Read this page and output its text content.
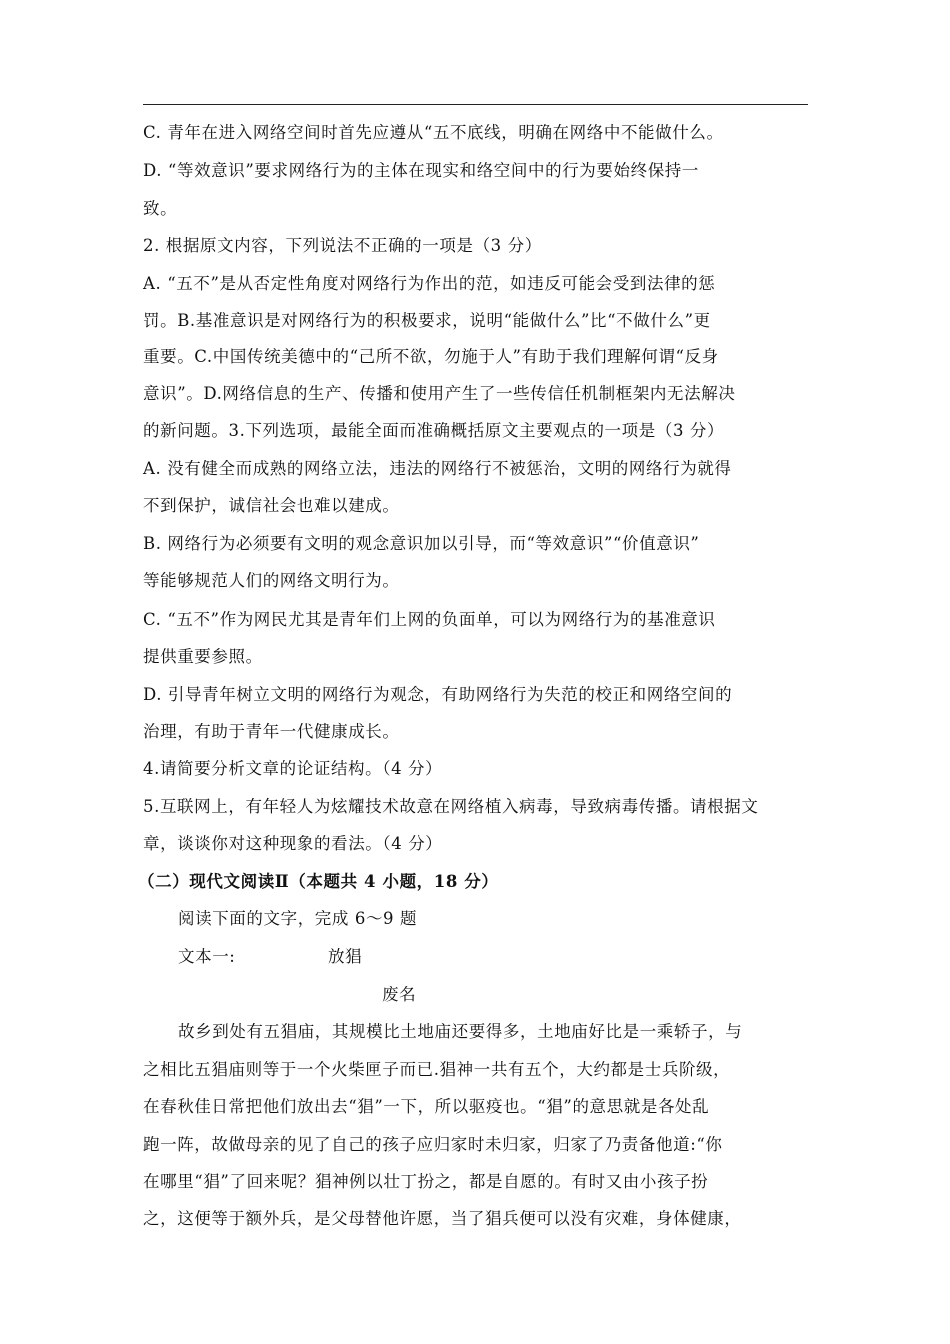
C. 青年在进入网络空间时首先应遵从“五不底线，明确在网络中不能做什么。
D. “等效意识”要求网络行为的主体在现实和络空间中的行为要始终保持一
致。
2. 根据原文内容，下列说法不正确的一项是（3 分）
A. “五不”是从否定性角度对网络行为作出的范，如违反可能会受到法律的惩
罚。B.基准意识是对网络行为的积极要求，说明“能做什么”比“不做什么”更
重要。C.中国传统美德中的“己所不欲，勿施于人”有助于我们理解何谓“反身
意识”。D.网络信息的生产、传播和使用产生了一些传信任机制框架内无法解决
的新问题。3.下列选项，最能全面而准确概括原文主要观点的一项是（3 分）
A. 没有健全而成熟的网络立法，违法的网络行不被惩治，文明的网络行为就得
不到保护，诚信社会也难以建成。
B. 网络行为必须要有文明的观念意识加以引导，而“等效意识”“价值意识”
等能够规范人们的网络文明行为。
C. “五不”作为网民尤其是青年们上网的负面单，可以为网络行为的基准意识
提供重要参照。
D. 引导青年树立文明的网络行为观念，有助网络行为失范的校正和网络空间的
治理，有助于青年一代健康成长。
4.请简要分析文章的论证结构。（4 分）
5.互联网上，有年轻人为炫耀技术故意在网络植入病毒，导致病毒传播。请根据文
章，谈谈你对这种现象的看法。（4 分）
（二）现代文阅读Ⅱ（本题共 4 小题，18 分）
阅读下面的文字，完成 6～9 题
文本一:	放猖
废名
故乡到处有五猖庙，其规模比土地庙还要得多，土地庙好比是一乘轿子，与
之相比五猖庙则等于一个火柴匣子而已.猖神一共有五个，大约都是士兵阶级，
在春秋佳日常把他们放出去“猖”一下，所以驱疫也。“猖”的意思就是各处乱
跑一阵，故做母亲的见了自己的孩子应归家时未归家，归家了乃责备他道:“你
在哪里“猖”了回来呢？猖神例以壮丁扮之，都是自愿的。有时又由小孩子扮
之，这便等于额外兵，是父母替他许愿，当了猖兵便可以没有灾难，身体健康，
